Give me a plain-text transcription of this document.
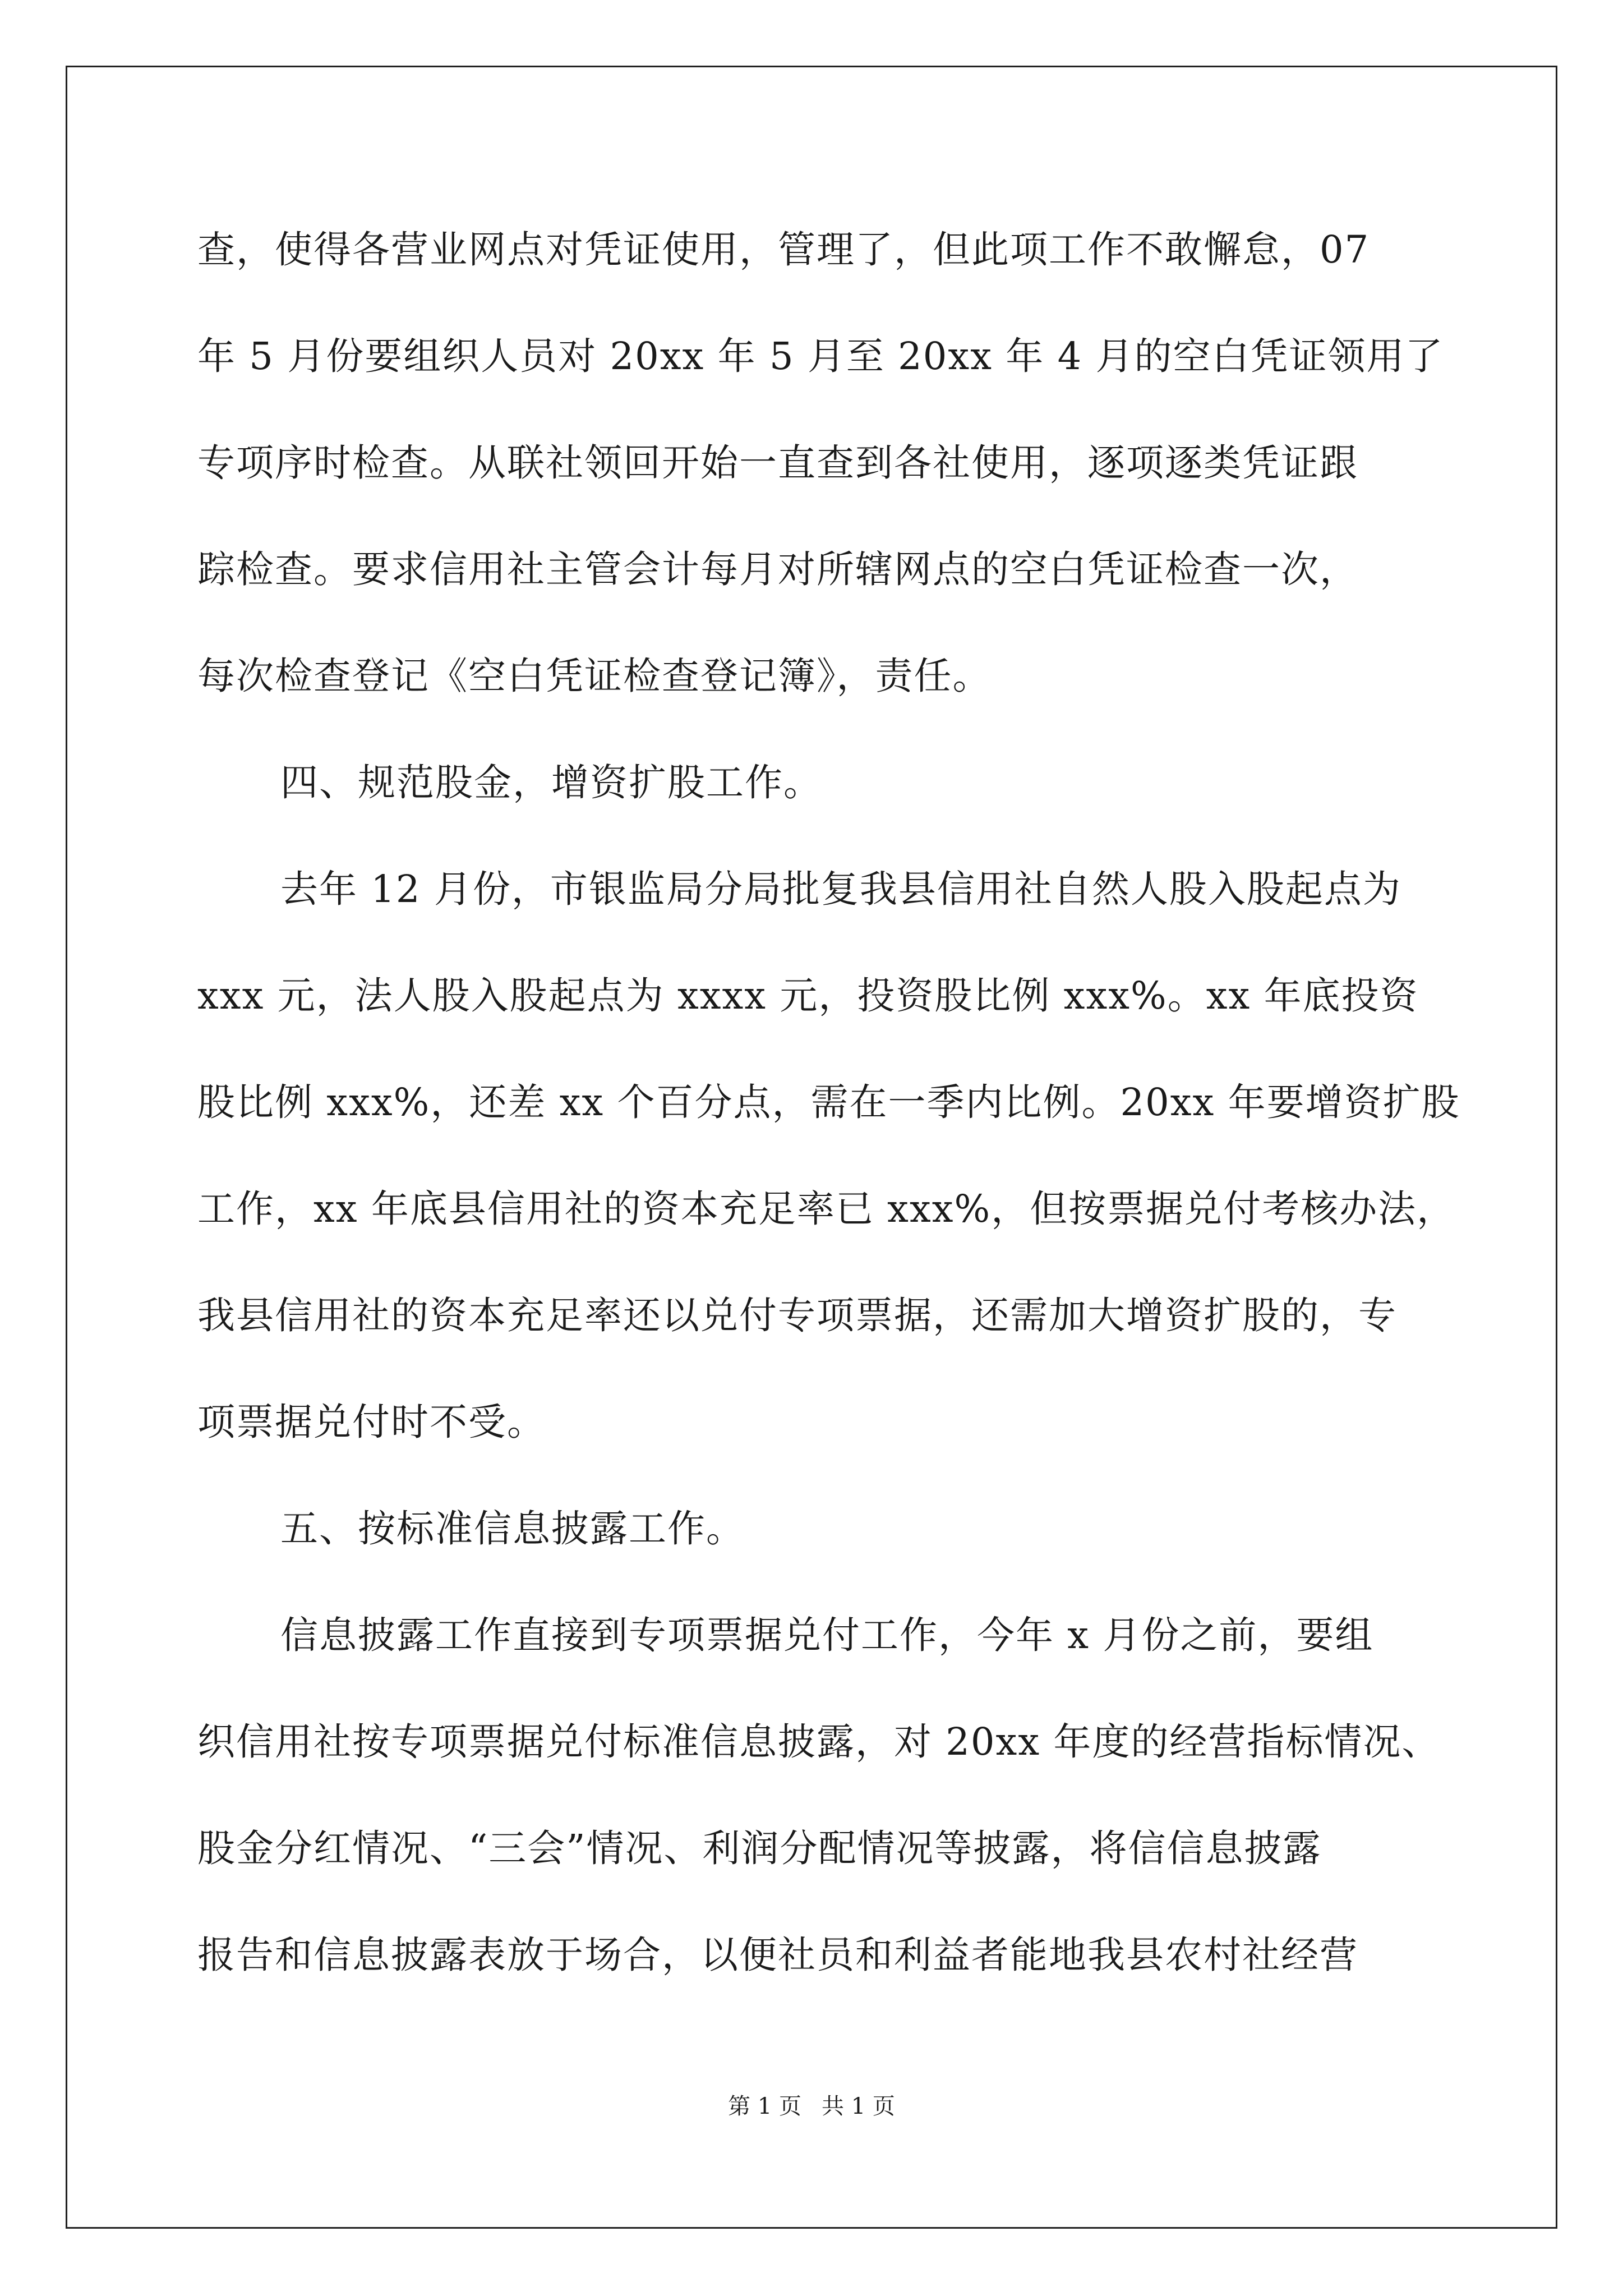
查，使得各营业网点对凭证使用，管理了，但此项工作不敢懈怠，07
年 5 月份要组织人员对 20xx 年 5 月至 20xx 年 4 月的空白凭证领用了
专项序时检查。从联社领回开始一直查到各社使用，逐项逐类凭证跟
踪检查。要求信用社主管会计每月对所辖网点的空白凭证检查一次，
每次检查登记《空白凭证检查登记簿》，责任。
四、规范股金，增资扩股工作。
去年 12 月份，市银监局分局批复我县信用社自然人股入股起点为
xxx 元，法人股入股起点为 xxxx 元，投资股比例 xxx%。xx 年底投资
股比例 xxx%，还差 xx 个百分点，需在一季内比例。20xx 年要增资扩股
工作，xx 年底县信用社的资本充足率已 xxx%，但按票据兑付考核办法，
我县信用社的资本充足率还以兑付专项票据，还需加大增资扩股的，专
项票据兑付时不受。
五、按标准信息披露工作。
信息披露工作直接到专项票据兑付工作，今年 x 月份之前，要组
织信用社按专项票据兑付标准信息披露，对 20xx 年度的经营指标情况、
股金分红情况、“三会”情况、利润分配情况等披露，将信信息披露
报告和信息披露表放于场合，以便社员和利益者能地我县农村社经营
第 1 页 共 1 页
